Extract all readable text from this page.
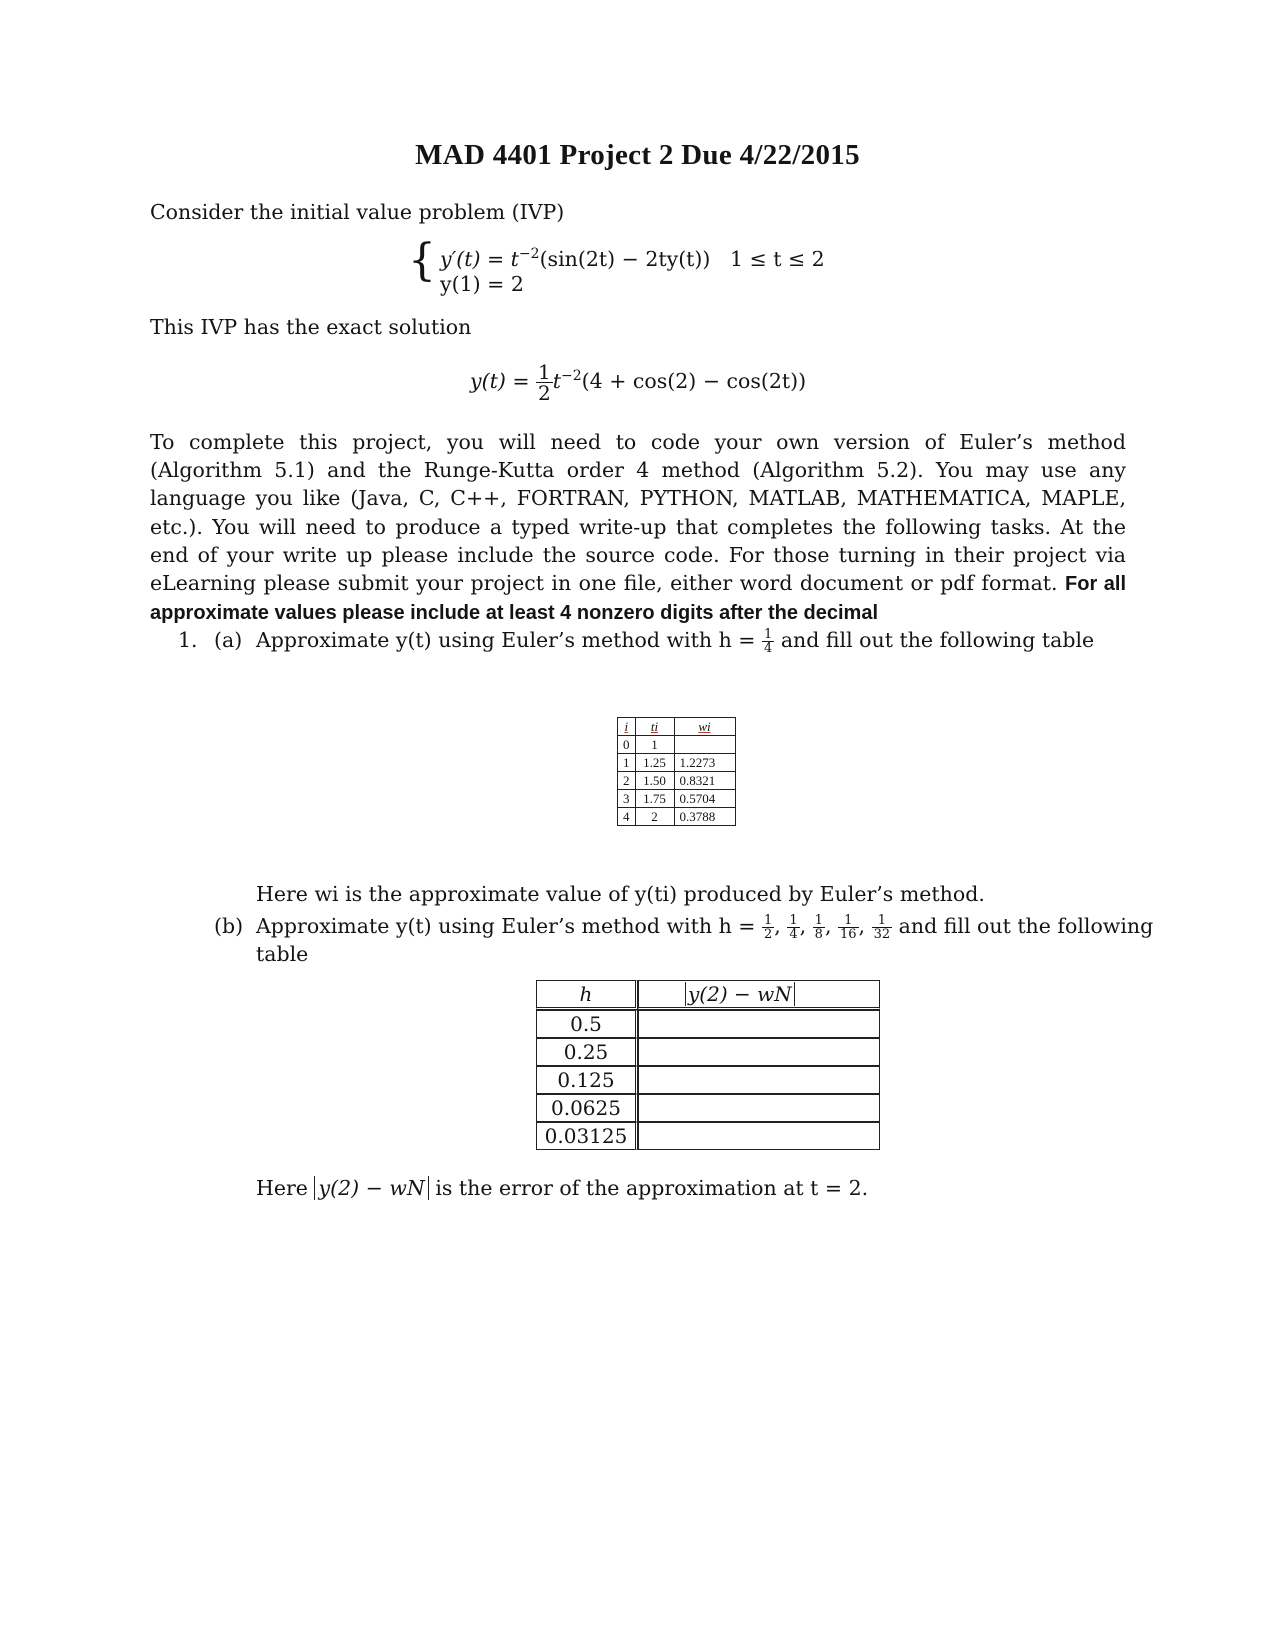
MAD 4401 Project 2 Due 4/22/2015
Consider the initial value problem (IVP)
{ $y'(t) = t^{-2}(\sin(2t) - 2ty(t)) 1 \le t \le 2$
y(1) = 2
This IVP has the exact solution
$y(t) = \frac{1}{2} t^{-2}(4 + \cos(2) - \cos(2t))$
To complete this project, you will need to code your own version of Euler’s method (Algorithm 5.1) and the Runge-Kutta order 4 method (Algorithm 5.2). You may use any language you like (Java, C, C++, FORTRAN, PYTHON, MATLAB, MATHEMATICA, MAPLE, etc.). You will need to produce a typed write-up that completes the following tasks. At the end of your write up please include the source code. For those turning in their project via eLearning please submit your project in one file, either word document or pdf format. For all approximate values please include at least 4 nonzero digits after the decimal
1. (a) Approximate y(t) using Euler’s method with $h = \frac{1}{4}$ and fill out the following table
i	ti	wi
0	1	
1	1.25	1.2273
2	1.50	0.8321
3	1.75	0.5704
4	2	0.3788
Here wi is the approximate value of y(ti) produced by Euler’s method.
(b) Approximate y(t) using Euler’s method with $h = \frac{1}{2}$ , $\frac{1}{4}$ , $\frac{1}{8}$ , $\frac{1}{16}$ , $\frac{1}{32}$ and fill out the following
table
h	y(2) − wN
0.5	
0.25	
0.125	
0.0625	
0.03125	
Here y(2) − wN is the error of the approximation at t = 2.
